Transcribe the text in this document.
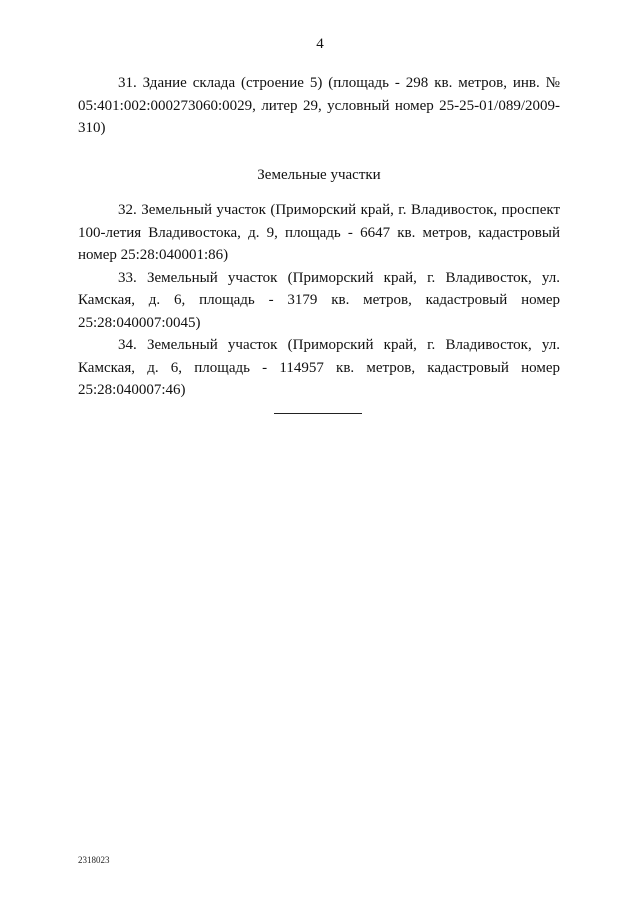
4

31. Здание склада (строение 5) (площадь - 298 кв. метров, инв. № 05:401:002:000273060:0029, литер 29, условный номер 25-25-01/089/2009-310)

Земельные участки

32. Земельный участок (Приморский край, г. Владивосток, проспект 100-летия Владивостока, д. 9, площадь - 6647 кв. метров, кадастровый номер 25:28:040001:86)

33. Земельный участок (Приморский край, г. Владивосток, ул. Камская, д. 6, площадь - 3179 кв. метров, кадастровый номер 25:28:040007:0045)

34. Земельный участок (Приморский край, г. Владивосток, ул. Камская, д. 6, площадь - 114957 кв. метров, кадастровый номер 25:28:040007:46)

2318023
